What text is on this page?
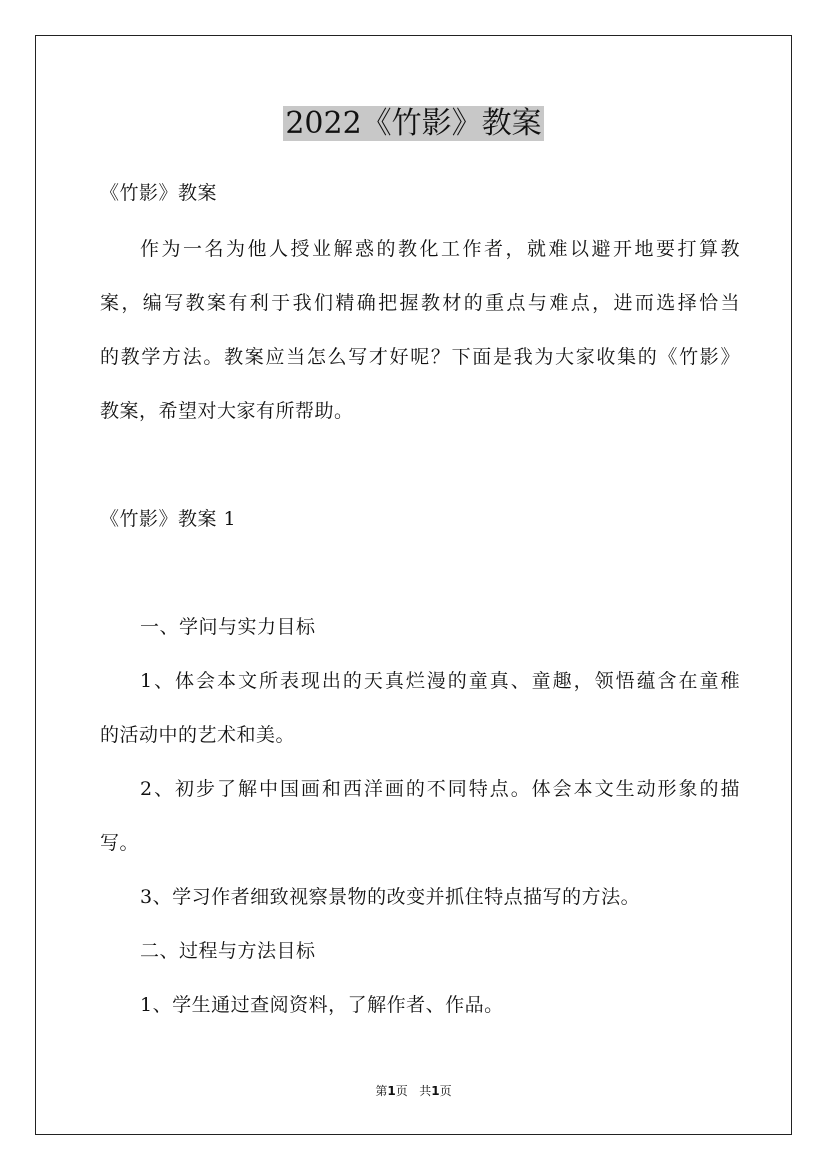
2022《竹影》教案

《竹影》教案

作为一名为他人授业解惑的教化工作者，就难以避开地要打算教

案，编写教案有利于我们精确把握教材的重点与难点，进而选择恰当

的教学方法。教案应当怎么写才好呢？下面是我为大家收集的《竹影》

教案，希望对大家有所帮助。

《竹影》教案 1

一、学问与实力目标

1、体会本文所表现出的天真烂漫的童真、童趣，领悟蕴含在童稚

的活动中的艺术和美。

2、初步了解中国画和西洋画的不同特点。体会本文生动形象的描

写。

3、学习作者细致视察景物的改变并抓住特点描写的方法。

二、过程与方法目标

1、学生通过查阅资料，了解作者、作品。

第1页   共1页
